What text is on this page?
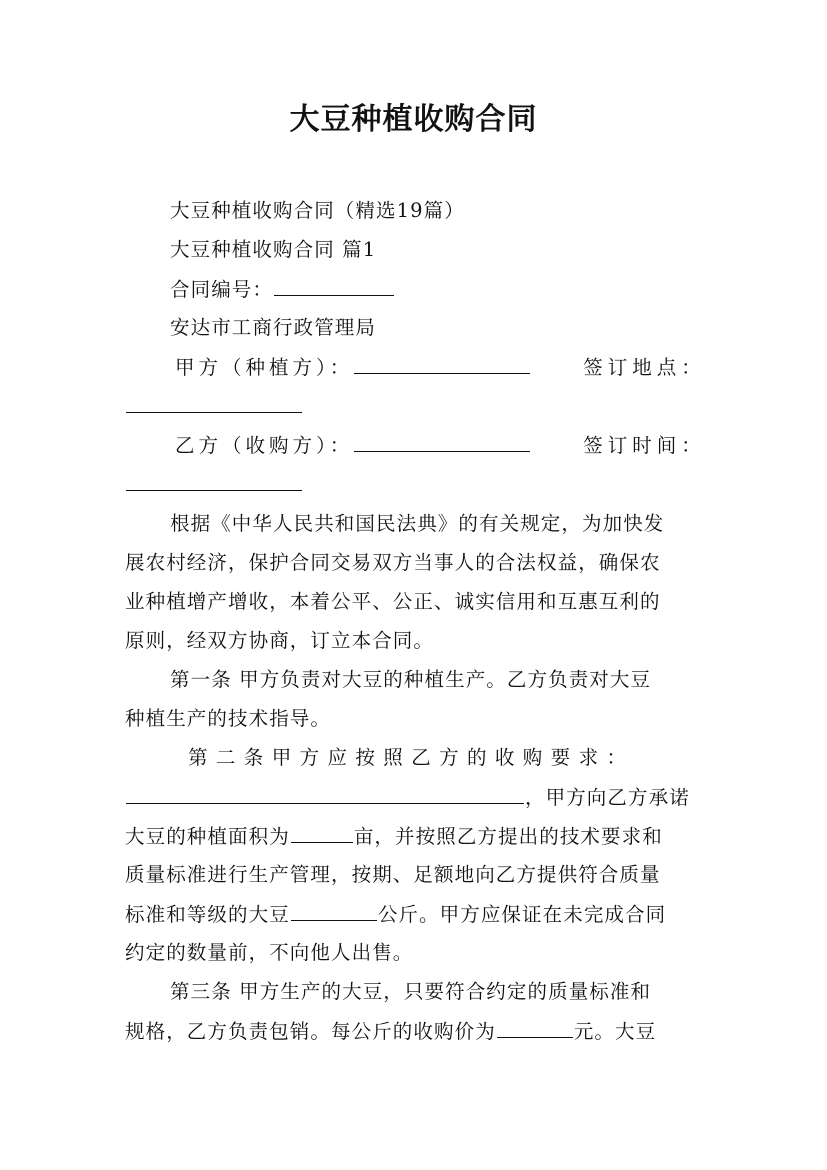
大豆种植收购合同
大豆种植收购合同（精选19篇）
大豆种植收购合同 篇1
合同编号：
安达市工商行政管理局
甲方（种植方）：	签订地点：
乙方（收购方）：	签订时间：
根据《中华人民共和国民法典》的有关规定，为加快发
展农村经济，保护合同交易双方当事人的合法权益，确保农
业种植增产增收，本着公平、公正、诚实信用和互惠互利的
原则，经双方协商，订立本合同。
第一条 甲方负责对大豆的种植生产。乙方负责对大豆
种植生产的技术指导。
第 二 条 甲 方 应 按 照 乙 方 的 收 购 要 求 ：
，甲方向乙方承诺
大豆的种植面积为	亩，并按照乙方提出的技术要求和
质量标准进行生产管理，按期、足额地向乙方提供符合质量
标准和等级的大豆	公斤。甲方应保证在未完成合同
约定的数量前，不向他人出售。
第三条 甲方生产的大豆，只要符合约定的质量标准和
规格，乙方负责包销。每公斤的收购价为	元。大豆
